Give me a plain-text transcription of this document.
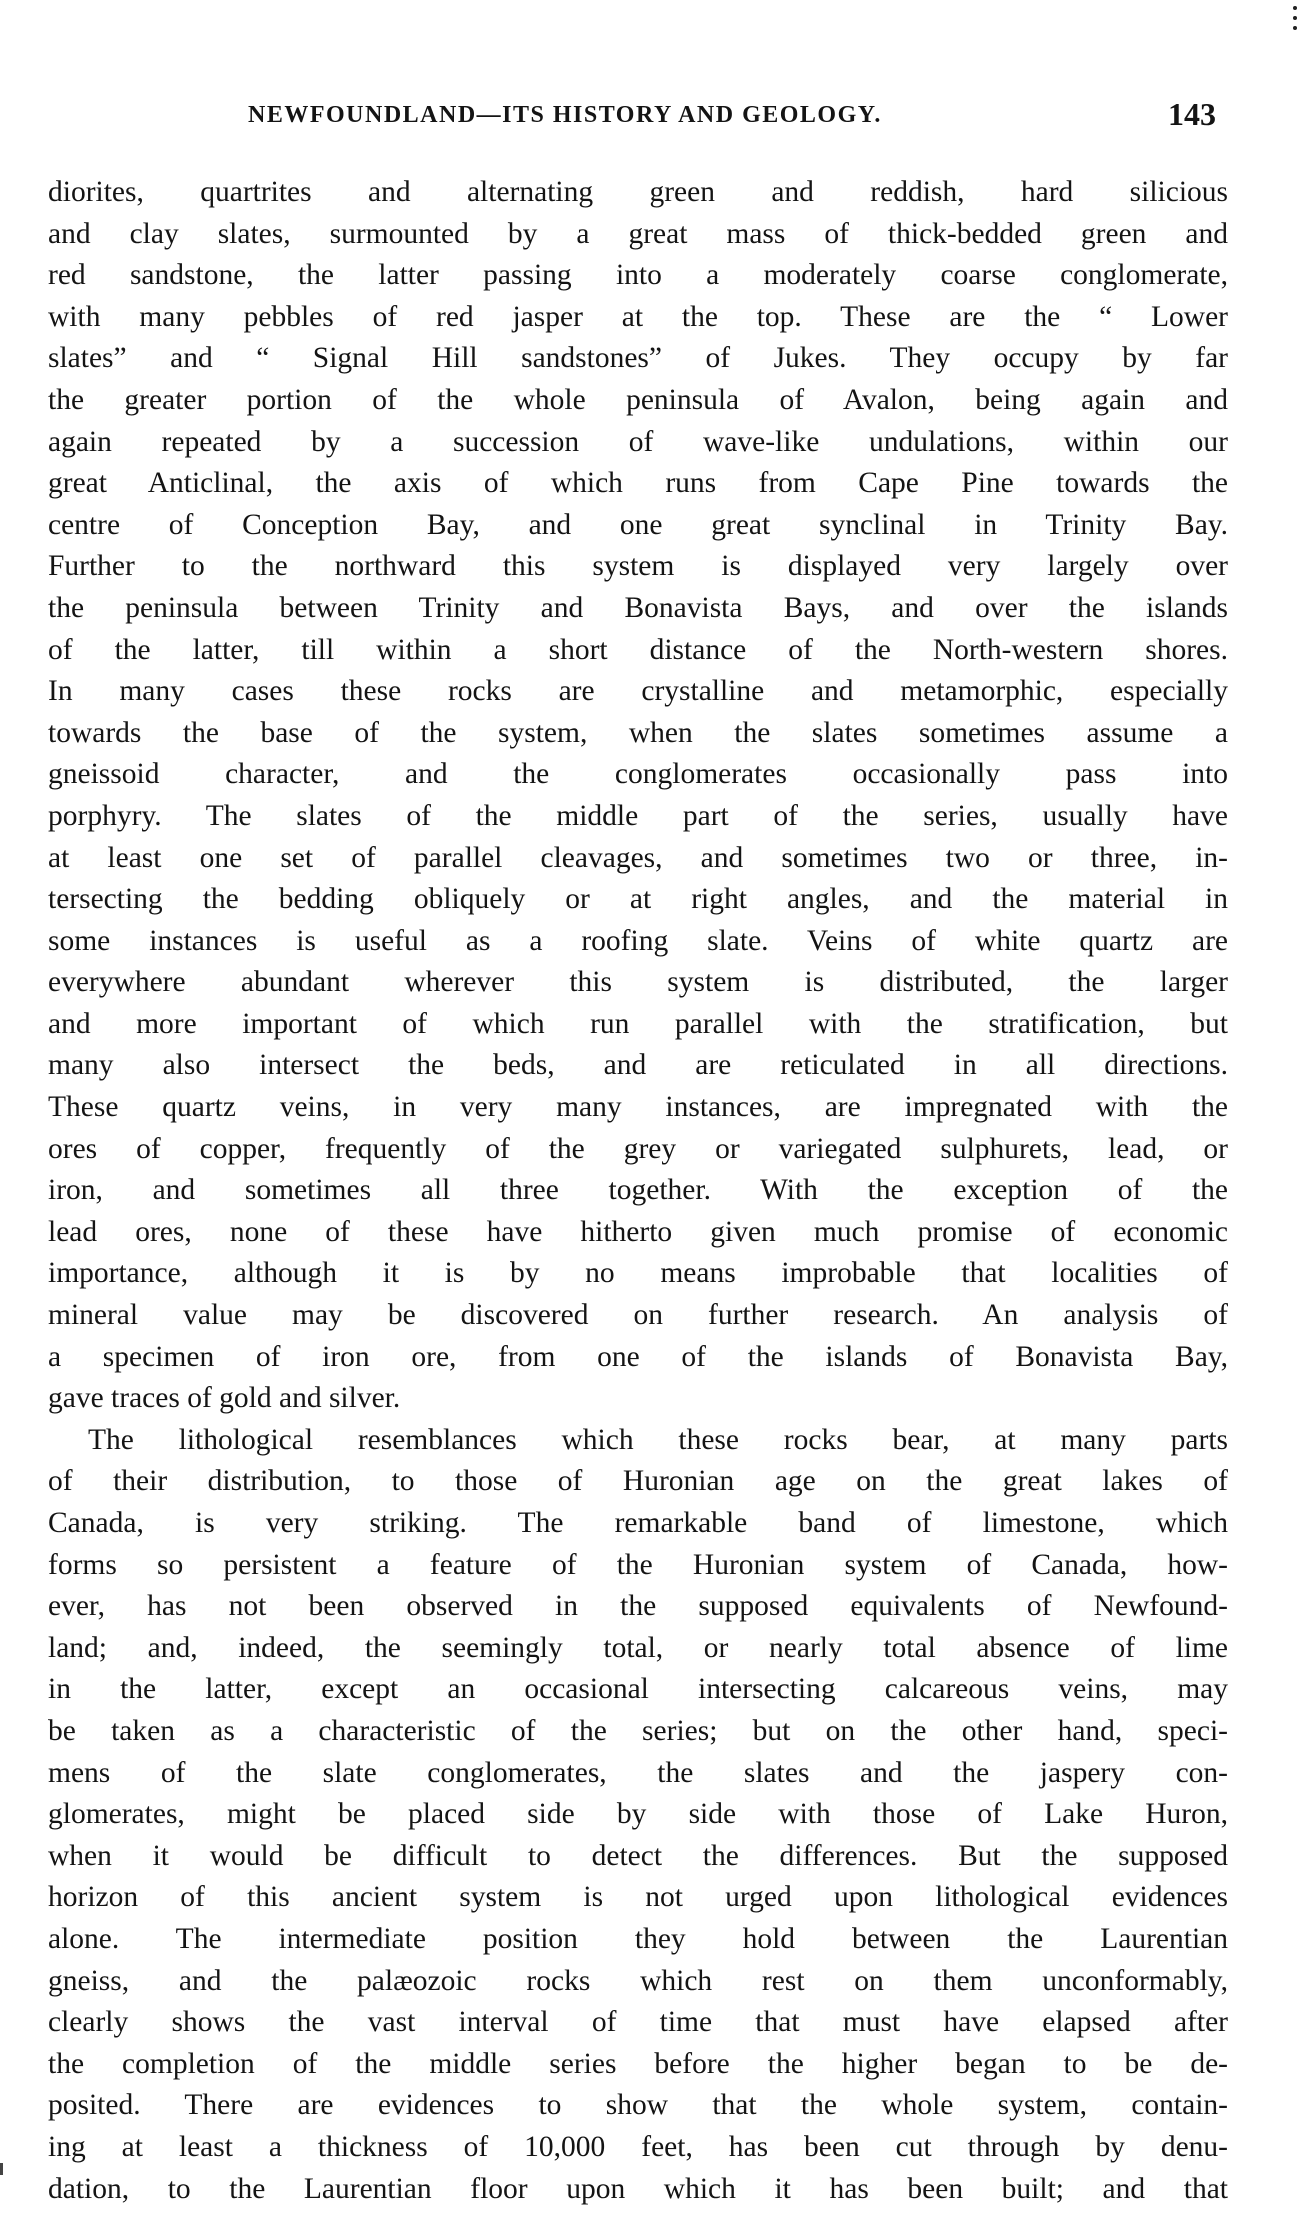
NEWFOUNDLAND—ITS HISTORY AND GEOLOGY.	143
diorites, quartrites and alternating green and reddish, hard silicious
and clay slates, surmounted by a great mass of thick-bedded green and
red sandstone, the latter passing into a moderately coarse conglomerate,
with many pebbles of red jasper at the top. These are the “ Lower
slates” and “ Signal Hill sandstones” of Jukes. They occupy by far
the greater portion of the whole peninsula of Avalon, being again and
again repeated by a succession of wave-like undulations, within our
great Anticlinal, the axis of which runs from Cape Pine towards the
centre of Conception Bay, and one great synclinal in Trinity Bay.
Further to the northward this system is displayed very largely over
the peninsula between Trinity and Bonavista Bays, and over the islands
of the latter, till within a short distance of the North-western shores.
In many cases these rocks are crystalline and metamorphic, especially
towards the base of the system, when the slates sometimes assume a
gneissoid character, and the conglomerates occasionally pass into
porphyry. The slates of the middle part of the series, usually have
at least one set of parallel cleavages, and sometimes two or three, in-
tersecting the bedding obliquely or at right angles, and the material in
some instances is useful as a roofing slate. Veins of white quartz are
everywhere abundant wherever this system is distributed, the larger
and more important of which run parallel with the stratification, but
many also intersect the beds, and are reticulated in all directions.
These quartz veins, in very many instances, are impregnated with the
ores of copper, frequently of the grey or variegated sulphurets, lead, or
iron, and sometimes all three together. With the exception of the
lead ores, none of these have hitherto given much promise of economic
importance, although it is by no means improbable that localities of
mineral value may be discovered on further research. An analysis of
a specimen of iron ore, from one of the islands of Bonavista Bay,
gave traces of gold and silver.
The lithological resemblances which these rocks bear, at many parts
of their distribution, to those of Huronian age on the great lakes of
Canada, is very striking. The remarkable band of limestone, which
forms so persistent a feature of the Huronian system of Canada, how-
ever, has not been observed in the supposed equivalents of Newfound-
land; and, indeed, the seemingly total, or nearly total absence of lime
in the latter, except an occasional intersecting calcareous veins, may
be taken as a characteristic of the series; but on the other hand, speci-
mens of the slate conglomerates, the slates and the jaspery con-
glomerates, might be placed side by side with those of Lake Huron,
when it would be difficult to detect the differences. But the supposed
horizon of this ancient system is not urged upon lithological evidences
alone. The intermediate position they hold between the Laurentian
gneiss, and the palæozoic rocks which rest on them unconformably,
clearly shows the vast interval of time that must have elapsed after
the completion of the middle series before the higher began to be de-
posited. There are evidences to show that the whole system, contain-
ing at least a thickness of 10,000 feet, has been cut through by denu-
dation, to the Laurentian floor upon which it has been built; and that
